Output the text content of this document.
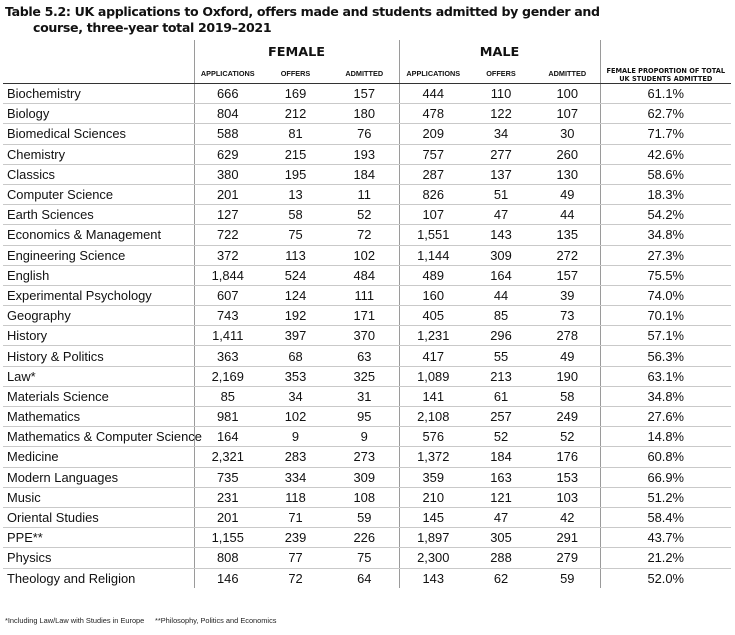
Table 5.2: UK applications to Oxford, offers made and students admitted by gender and
course, three-year total 2019–2021
	FEMALE			MALE			FEMALE PROPORTION OF TOTAL UK STUDENTS ADMITTED
	APPLICATIONS	OFFERS	ADMITTED	APPLICATIONS	OFFERS	ADMITTED	
Biochemistry	666	169	157	444	110	100	61.1%
Biology	804	212	180	478	122	107	62.7%
Biomedical Sciences	588	81	76	209	34	30	71.7%
Chemistry	629	215	193	757	277	260	42.6%
Classics	380	195	184	287	137	130	58.6%
Computer Science	201	13	11	826	51	49	18.3%
Earth Sciences	127	58	52	107	47	44	54.2%
Economics & Management	722	75	72	1,551	143	135	34.8%
Engineering Science	372	113	102	1,144	309	272	27.3%
English	1,844	524	484	489	164	157	75.5%
Experimental Psychology	607	124	111	160	44	39	74.0%
Geography	743	192	171	405	85	73	70.1%
History	1,411	397	370	1,231	296	278	57.1%
History & Politics	363	68	63	417	55	49	56.3%
Law*	2,169	353	325	1,089	213	190	63.1%
Materials Science	85	34	31	141	61	58	34.8%
Mathematics	981	102	95	2,108	257	249	27.6%
Mathematics & Computer Science	164	9	9	576	52	52	14.8%
Medicine	2,321	283	273	1,372	184	176	60.8%
Modern Languages	735	334	309	359	163	153	66.9%
Music	231	118	108	210	121	103	51.2%
Oriental Studies	201	71	59	145	47	42	58.4%
PPE**	1,155	239	226	1,897	305	291	43.7%
Physics	808	77	75	2,300	288	279	21.2%
Theology and Religion	146	72	64	143	62	59	52.0%
*Including Law/Law with Studies in Europe **Philosophy, Politics and Economics
